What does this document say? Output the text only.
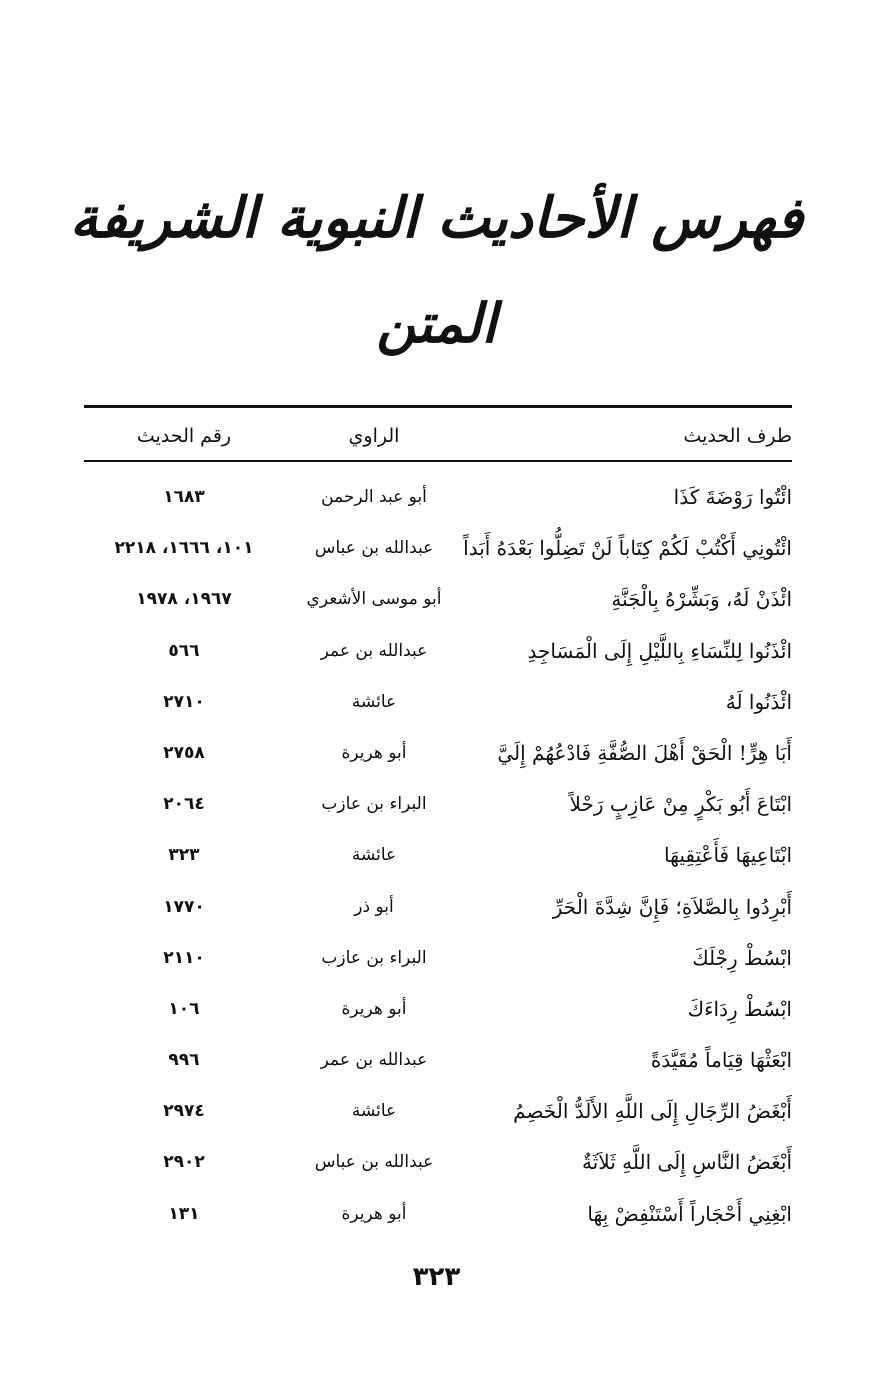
فهرس الأحاديث النبوية الشريفة
المتن
طرف الحديث
الراوي
رقم الحديث
ائْتُوا رَوْضَةَ كَذَا
أبو عبد الرحمن
١٦٨٣
ائْتُونِي أَكْتُبْ لَكُمْ كِتَاباً لَنْ تَضِلُّوا بَعْدَهُ أَبَداً
عبدالله بن عباس
١٠١، ١٦٦٦، ٢٢١٨
ائْذَنْ لَهُ، وَبَشِّرْهُ بِالْجَنَّةِ
أبو موسى الأشعري
١٩٦٧، ١٩٧٨
ائْذَنُوا لِلنِّسَاءِ بِاللَّيْلِ إِلَى الْمَسَاجِدِ
عبدالله بن عمر
٥٦٦
ائْذَنُوا لَهُ
عائشة
٢٧١٠
أَبَا هِرٍّ! الْحَقْ أَهْلَ الصُّفَّةِ فَادْعُهُمْ إِلَيَّ
أبو هريرة
٢٧٥٨
ابْتَاعَ أَبُو بَكْرٍ مِنْ عَازِبٍ رَحْلاً
البراء بن عازب
٢٠٦٤
ابْتَاعِيهَا فَأَعْتِقِيهَا
عائشة
٣٢٣
أَبْرِدُوا بِالصَّلاَةِ؛ فَإِنَّ شِدَّةَ الْحَرِّ
أبو ذر
١٧٧٠
ابْسُطْ رِجْلَكَ
البراء بن عازب
٢١١٠
ابْسُطْ رِدَاءَكَ
أبو هريرة
١٠٦
ابْعَثْهَا قِيَاماً مُقَيَّدَةً
عبدالله بن عمر
٩٩٦
أَبْغَضُ الرِّجَالِ إِلَى اللَّهِ الأَلَدُّ الْخَصِمُ
عائشة
٢٩٧٤
أَبْغَضُ النَّاسِ إِلَى اللَّهِ ثَلاَثَةٌ
عبدالله بن عباس
٢٩٠٢
ابْغِنِي أَحْجَاراً أَسْتَنْفِضْ بِهَا
أبو هريرة
١٣١
٣٢٣
